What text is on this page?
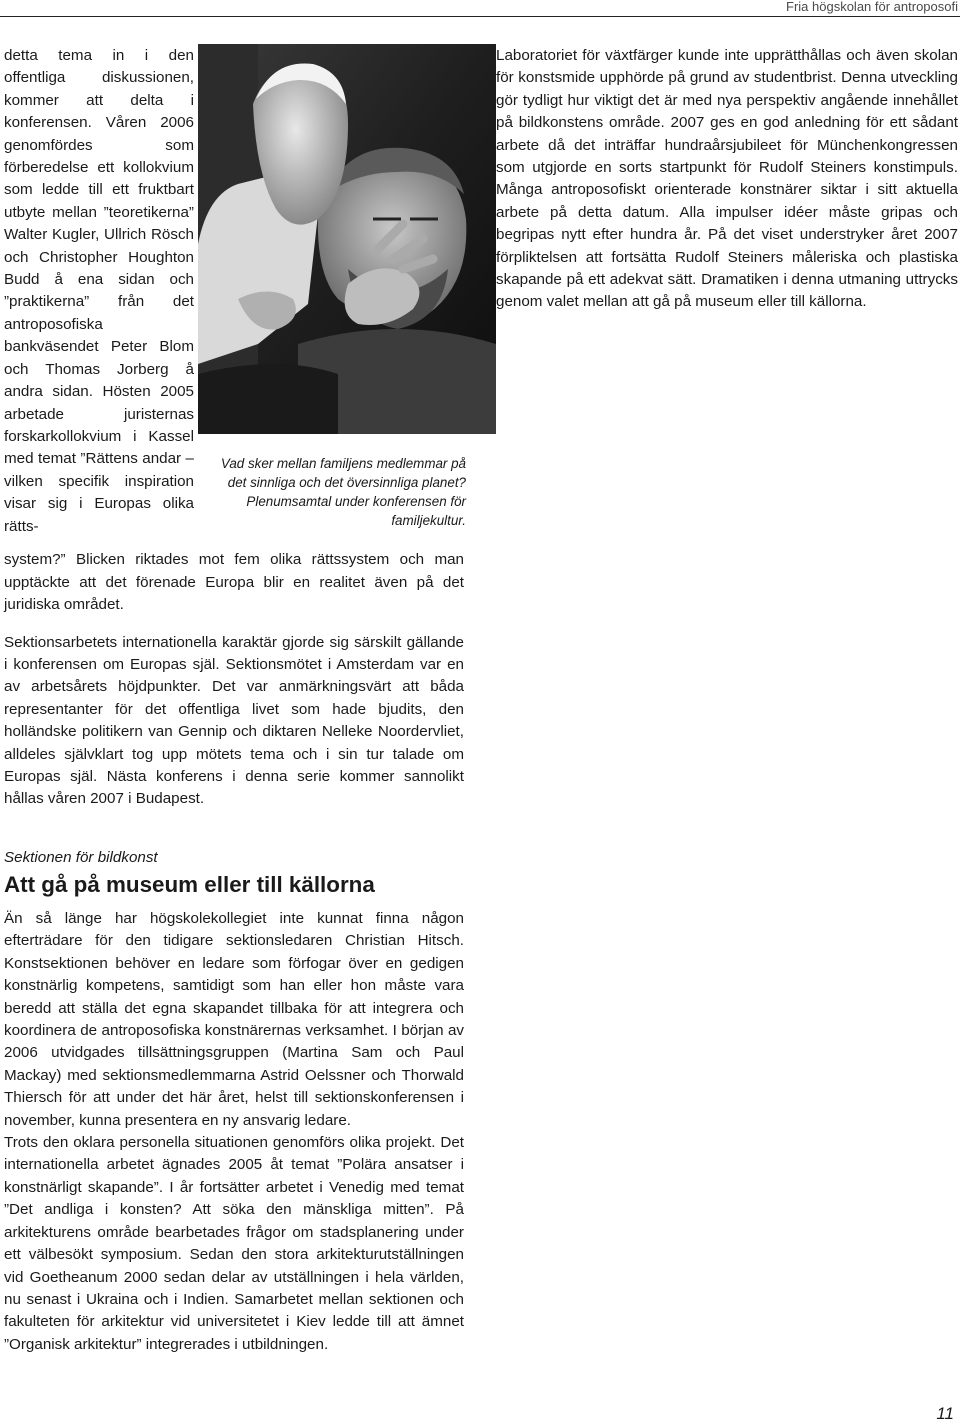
Fria högskolan för antroposofi

detta tema in i den offentliga diskussionen, kommer att delta i konferensen. Våren 2006 genomfördes som förberedelse ett kollokvium som ledde till ett fruktbart utbyte mellan ”teoretikerna” Walter Kugler, Ullrich Rösch och Christopher Houghton Budd å ena sidan och ”praktikerna” från det antroposofiska bankväsendet Peter Blom och Thomas Jorberg å andra sidan. Hösten 2005 arbetade juristernas forskarkollokvium i Kassel med temat ”Rättens andar – vilken specifik inspiration visar sig i Europas olika rätts-

Vad sker mellan familjens medlemmar på det sinnliga och det översinnliga planet? Plenumsamtal under konferensen för familjekultur.

system?” Blicken riktades mot fem olika rättssystem och man upptäckte att det förenade Europa blir en realitet även på det juridiska området.

Sektionsarbetets internationella karaktär gjorde sig särskilt gällande i konferensen om Europas själ. Sektionsmötet i Amsterdam var en av arbetsårets höjdpunkter. Det var anmärkningsvärt att båda representanter för det offentliga livet som hade bjudits, den holländske politikern van Gennip och diktaren Nelleke Noordervliet, alldeles självklart tog upp mötets tema och i sin tur talade om Europas själ. Nästa konferens i denna serie kommer sannolikt hållas våren 2007 i Budapest.

Laboratoriet för växtfärger kunde inte upprätthållas och även skolan för konstsmide upphörde på grund av studentbrist. Denna utveckling gör tydligt hur viktigt det är med nya perspektiv angående innehållet på bildkonstens område. 2007 ges en god anledning för ett sådant arbete då det inträffar hundraårsjubileet för Münchenkongressen som utgjorde en sorts startpunkt för Rudolf Steiners konstimpuls. Många antroposofiskt orienterade konstnärer siktar i sitt aktuella arbete på detta datum. Alla impulser idéer måste gripas och begripas nytt efter hundra år. På det viset understryker året 2007 förpliktelsen att fortsätta Rudolf Steiners måleriska och plastiska skapande på ett adekvat sätt. Dramatiken i denna utmaning uttrycks genom valet mellan att gå på museum eller till källorna.

Sektionen för bildkonst
Att gå på museum eller till källorna

Än så länge har högskolekollegiet inte kunnat finna någon efterträdare för den tidigare sektionsledaren Christian Hitsch. Konstsektionen behöver en ledare som förfogar över en gedigen konstnärlig kompetens, samtidigt som han eller hon måste vara beredd att ställa det egna skapandet tillbaka för att integrera och koordinera de antroposofiska konstnärernas verksamhet. I början av 2006 utvidgades tillsättningsgruppen (Martina Sam och Paul Mackay) med sektionsmedlemmarna Astrid Oelssner och Thorwald Thiersch för att under det här året, helst till sektionskonferensen i november, kunna presentera en ny ansvarig ledare.

Trots den oklara personella situationen genomförs olika projekt. Det internationella arbetet ägnades 2005 åt temat ”Polära ansatser i konstnärligt skapande”. I år fortsätter arbetet i Venedig med temat ”Det andliga i konsten? Att söka den mänskliga mitten”. På arkitekturens område bearbetades frågor om stadsplanering under ett välbesökt symposium. Sedan den stora arkitekturutställningen vid Goetheanum 2000 sedan delar av utställningen i hela världen, nu senast i Ukraina och i Indien. Samarbetet mellan sektionen och fakulteten för arkitektur vid universitetet i Kiev ledde till att ämnet ”Organisk arkitektur” integrerades i utbildningen.

11
